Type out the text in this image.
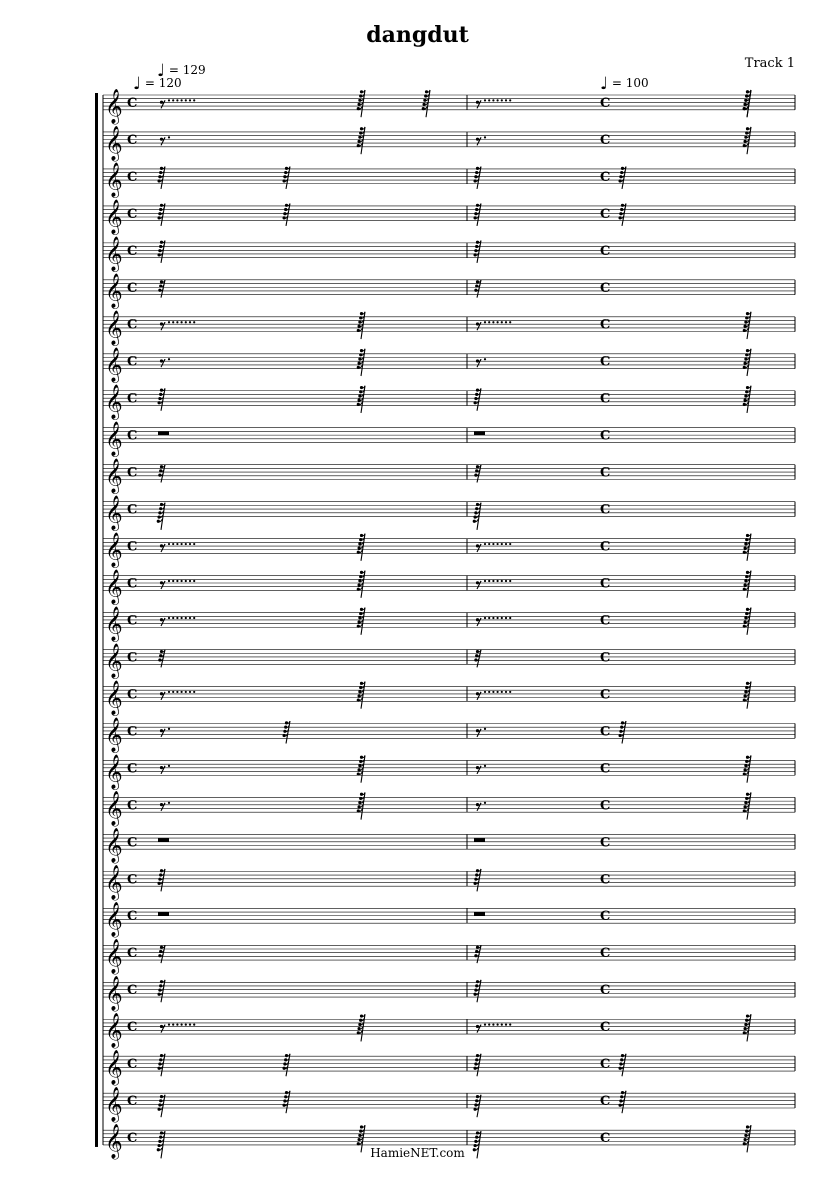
dangdut
Track 1
♩ = 129
♩ = 120	♩ = 100
𝄞 C	C
𝄞 C	C
𝄞 C	C
𝄞 C	C
𝄞 C	C
𝄞 C	C
𝄞 C	C
𝄞 C	C
𝄞 C	C
𝄞 C	C
𝄞 C	C
𝄞 C	C
𝄞 C	C
𝄞 C	C
𝄞 C	C
𝄞 C	C
𝄞 C	C
𝄞 C	C
𝄞 C	C
𝄞 C	C
𝄞 C	C
𝄞 C	C
𝄞 C	C
𝄞 C	C
𝄞 C	C
𝄞 C	C
𝄞 C	C
𝄞 C	C
𝄞 C	C
HamieNET.com
